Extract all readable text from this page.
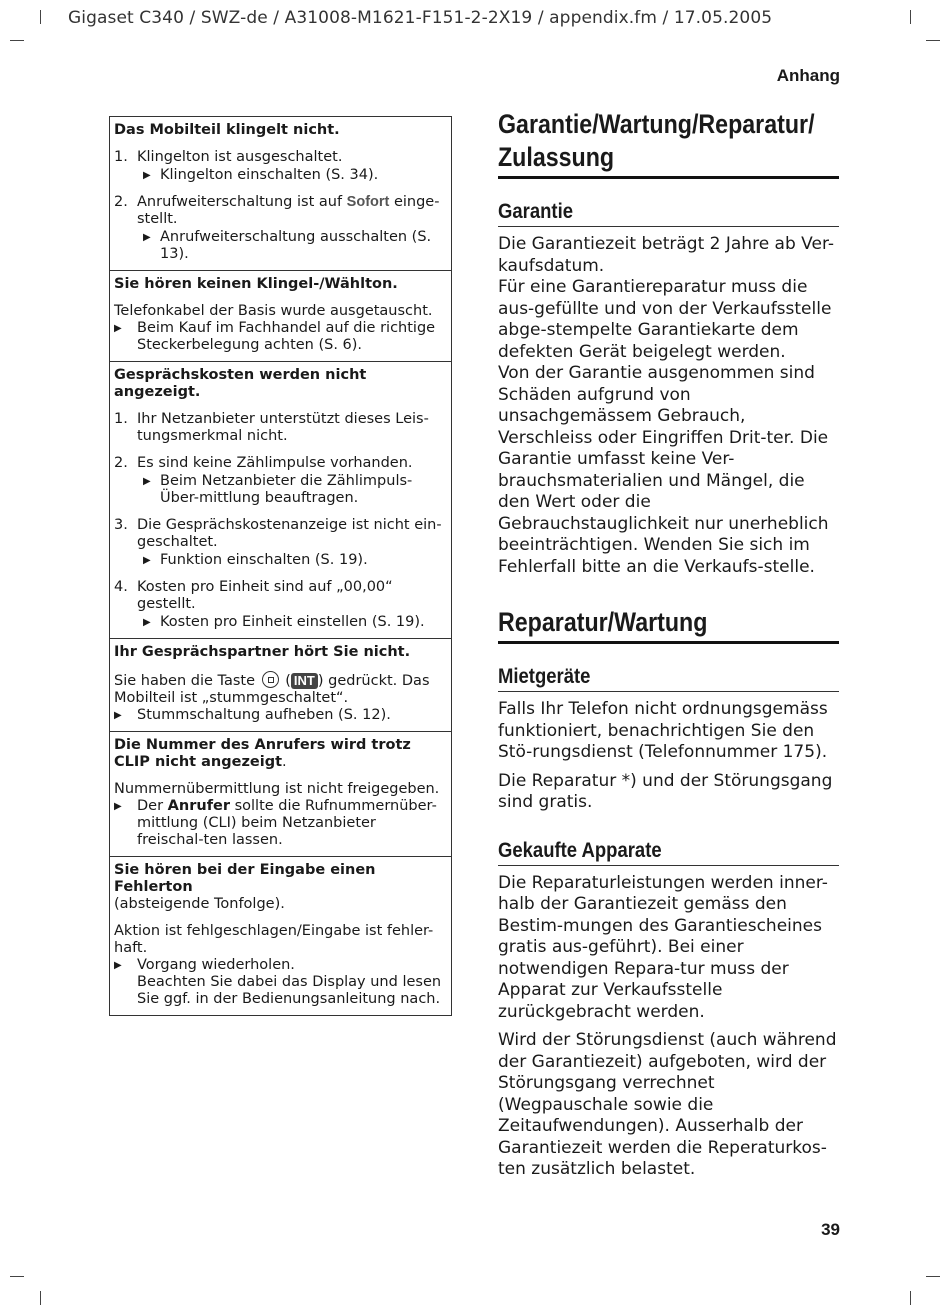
Gigaset C340 / SWZ-de / A31008-M1621-F151-2-2X19 / appendix.fm / 17.05.2005
Anhang
Das Mobilteil klingelt nicht.
1. Klingelton ist ausgeschaltet.

▶ Klingelton einschalten (S. 34).
2. Anrufweiterschaltung ist auf Sofort einge-stellt.

▶ Anrufweiterschaltung ausschalten (S. 13).
Sie hören keinen Klingel-/Wählton.

Telefonkabel der Basis wurde ausgetauscht.

▶ Beim Kauf im Fachhandel auf die richtige Steckerbelegung achten (S. 6).
Gesprächskosten werden nicht angezeigt.
1. Ihr Netzanbieter unterstützt dieses Leis-tungsmerkmal nicht.

2. Es sind keine Zählimpulse vorhanden.

▶ Beim Netzanbieter die Zählimpuls-Über-mittlung beauftragen.
3. Die Gesprächskostenanzeige ist nicht ein-geschaltet.

▶ Funktion einschalten (S. 19).
4. Kosten pro Einheit sind auf „00,00“ gestellt.

▶ Kosten pro Einheit einstellen (S. 19).
Ihr Gesprächspartner hört Sie nicht.

Sie haben die Taste ( INT ) gedrückt. Das Mobilteil ist „stummgeschaltet“.

▶ Stummschaltung aufheben (S. 12).
Die Nummer des Anrufers wird trotz CLIP nicht angezeigt.

Nummernübermittlung ist nicht freigegeben.

▶ Der Anrufer sollte die Rufnummernüber-mittlung (CLI) beim Netzanbieter freischal-ten lassen.
Sie hören bei der Eingabe einen Fehlerton
(absteigende Tonfolge).

Aktion ist fehlgeschlagen/Eingabe ist fehler-haft.

▶ Vorgang wiederholen.

Beachten Sie dabei das Display und lesen Sie ggf. in der Bedienungsanleitung nach.

Garantie/Wartung/Reparatur/
Zulassung
Garantie

Die Garantiezeit beträgt 2 Jahre ab Ver-kaufsdatum.

Für eine Garantiereparatur muss die aus-gefüllte und von der Verkaufsstelle abge-stempelte Garantiekarte dem defekten Gerät beigelegt werden.

Von der Garantie ausgenommen sind Schäden aufgrund von unsachgemässem Gebrauch, Verschleiss oder Eingriffen Drit-ter. Die Garantie umfasst keine Ver-brauchsmaterialien und Mängel, die den Wert oder die Gebrauchstauglichkeit nur unerheblich beeinträchtigen. Wenden Sie sich im Fehlerfall bitte an die Verkaufs-stelle.

Reparatur/Wartung
Mietgeräte

Falls Ihr Telefon nicht ordnungsgemäss funktioniert, benachrichtigen Sie den Stö-rungsdienst (Telefonnummer 175).

Die Reparatur *) und der Störungsgang sind gratis.

Gekaufte Apparate

Die Reparaturleistungen werden inner-halb der Garantiezeit gemäss den Bestim-mungen des Garantiescheines gratis aus-geführt). Bei einer notwendigen Repara-tur muss der Apparat zur Verkaufsstelle zurückgebracht werden.

Wird der Störungsdienst (auch während der Garantiezeit) aufgeboten, wird der Störungsgang verrechnet (Wegpauschale sowie die Zeitaufwendungen). Ausserhalb der Garantiezeit werden die Reperaturkos-ten zusätzlich belastet.

39
